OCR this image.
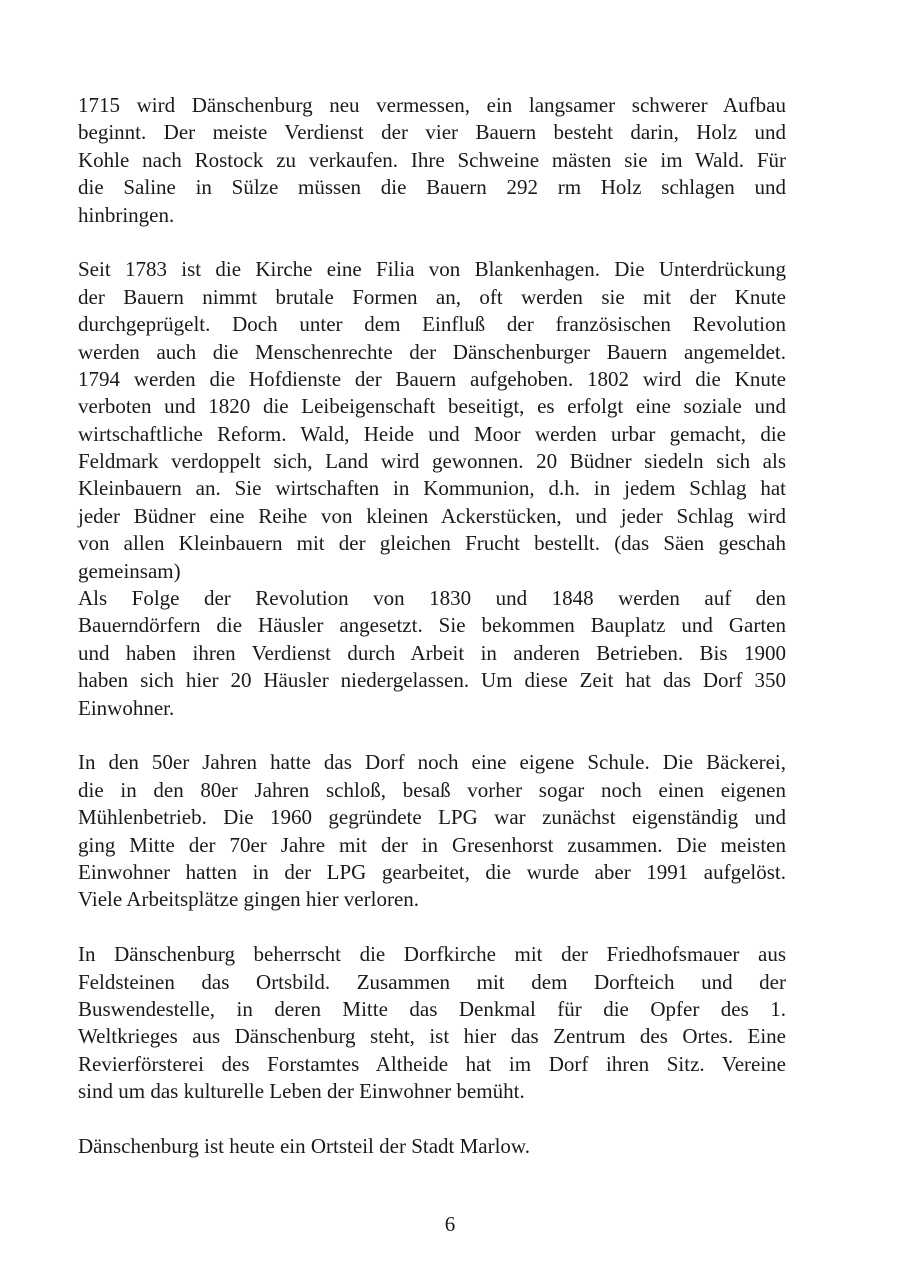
1715 wird Dänschenburg neu vermessen, ein langsamer schwerer Aufbau
beginnt. Der meiste Verdienst der vier Bauern besteht darin, Holz und
Kohle nach Rostock zu verkaufen. Ihre Schweine mästen sie im Wald. Für
die Saline in Sülze müssen die Bauern 292 rm Holz schlagen und
hinbringen.
Seit 1783 ist die Kirche eine Filia von Blankenhagen. Die Unterdrückung
der Bauern nimmt brutale Formen an, oft werden sie mit der Knute
durchgeprügelt. Doch unter dem Einfluß der französischen Revolution
werden auch die Menschenrechte der Dänschenburger Bauern angemeldet.
1794 werden die Hofdienste der Bauern aufgehoben. 1802 wird die Knute
verboten und 1820 die Leibeigenschaft beseitigt, es erfolgt eine soziale und
wirtschaftliche Reform. Wald, Heide und Moor werden urbar gemacht, die
Feldmark verdoppelt sich, Land wird gewonnen. 20 Büdner siedeln sich als
Kleinbauern an. Sie wirtschaften in Kommunion, d.h. in jedem Schlag hat
jeder Büdner eine Reihe von kleinen Ackerstücken, und jeder Schlag wird
von allen Kleinbauern mit der gleichen Frucht bestellt. (das Säen geschah
gemeinsam)
Als Folge der Revolution von 1830 und 1848 werden auf den
Bauerndörfern die Häusler angesetzt. Sie bekommen Bauplatz und Garten
und haben ihren Verdienst durch Arbeit in anderen Betrieben. Bis 1900
haben sich hier 20 Häusler niedergelassen. Um diese Zeit hat das Dorf 350
Einwohner.
In den 50er Jahren hatte das Dorf noch eine eigene Schule. Die Bäckerei,
die in den 80er Jahren schloß, besaß vorher sogar noch einen eigenen
Mühlenbetrieb. Die 1960 gegründete LPG war zunächst eigenständig und
ging Mitte der 70er Jahre mit der in Gresenhorst zusammen. Die meisten
Einwohner hatten in der LPG gearbeitet, die wurde aber 1991 aufgelöst.
Viele Arbeitsplätze gingen hier verloren.
In Dänschenburg beherrscht die Dorfkirche mit der Friedhofsmauer aus
Feldsteinen das Ortsbild. Zusammen mit dem Dorfteich und der
Buswendestelle, in deren Mitte das Denkmal für die Opfer des 1.
Weltkrieges aus Dänschenburg steht, ist hier das Zentrum des Ortes. Eine
Revierförsterei des Forstamtes Altheide hat im Dorf ihren Sitz. Vereine
sind um das kulturelle Leben der Einwohner bemüht.
Dänschenburg ist heute ein Ortsteil der Stadt Marlow.
6
